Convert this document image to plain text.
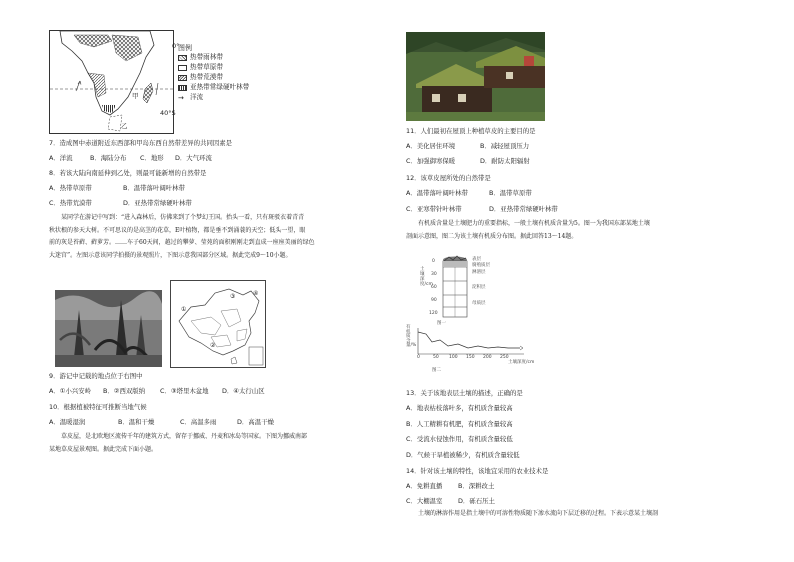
0°
40°S
甲
乙
图例
热带雨林带
热带草原带
热带荒漠带
亚热带常绿硬叶林带
→ 洋流
7．造成图中赤道附近东西部和甲岛东西自然带差异的共同因素是
A．洋流	B．海陆分布 C．地形 D．大气环流
8．若该大陆向南延伸到乙处，则最可能新增的自然带是
A．热带草原带	B．温带落叶阔叶林带
C．热带荒漠带	D．亚热带常绿硬叶林带
某同学在游记中写到：“进入森林后，仿佛来到了个梦幻王国。抬头一看，只有斑驳衣着青青
秋状根的参天大树。不可思议的是高茎的花草，E叶植物，都是垂不到涌蓑的天空；低头一望，眼
前的灰是苔藓、藓萝芳。……车子60天间，越过的攀萝、莹苑的面积刚刚走到直成一座座美丽的绿色
大迷宫”。左图示意该同学拍摄的景观照片，下图示意我国部分区域。据此完成9～10小题。
①
②
③	④
9．游记中记载的地点位于右图中
A．①小兴安岭 B．②西双版纳 C．③塔里木盆地 D．④太行山区
10．根据植被特征可推断当地气候
A．温暖湿润	B．温和干燥	C．高温多雨	D．高温干燥
草皮屋，是北欧地区流传千年的建筑方式，留存于挪威、丹麦和冰岛等国家。下图为挪威南部
某地草皮屋景观图。据此完成下面小题。
11．人们最初在屋顶上种植草皮的主要目的是
A．美化居住环境	B．减轻屋顶压力
C．加强御寒保暖	D．耐防太阳辐射
12．该草皮屋所处的自然带是
A．温带落叶阔叶林带	B．温带草原带
C．亚寒带针叶林带	D．亚热带常绿硬叶林带
有机质含量是土壤肥力的重要指标，一般土壤有机质含量为5。图一为我国东部某地土壤
剖面示意图，图二为该土壤有机质分布图。据此回答13～14题。
土壤深度/cm
0
30
60
90
120
表层
腐殖质层
淋溶层
淀积层
母质层
图一
有机质含量/%
0	50 100 150 200 250
土壤深度/cm
图二
13．关于该地表层土壤的描述，正确的是
A．地表枯枝落叶多，有机质含量较高
B．人工精耕有机肥，有机质含量较高
C．受流水侵蚀作用，有机质含量较低
D．气候干旱植被稀少，有机质含量较低
14．针对该土壤的特性，该地宜采用的农业技术是
A．免耕直播 B．深耕改土
C．大棚温室 D．砾石压土
土壤的淋溶作用是指土壤中的可溶性物质随下渗水流向下层迁移的过程。下表示意某土壤剖
